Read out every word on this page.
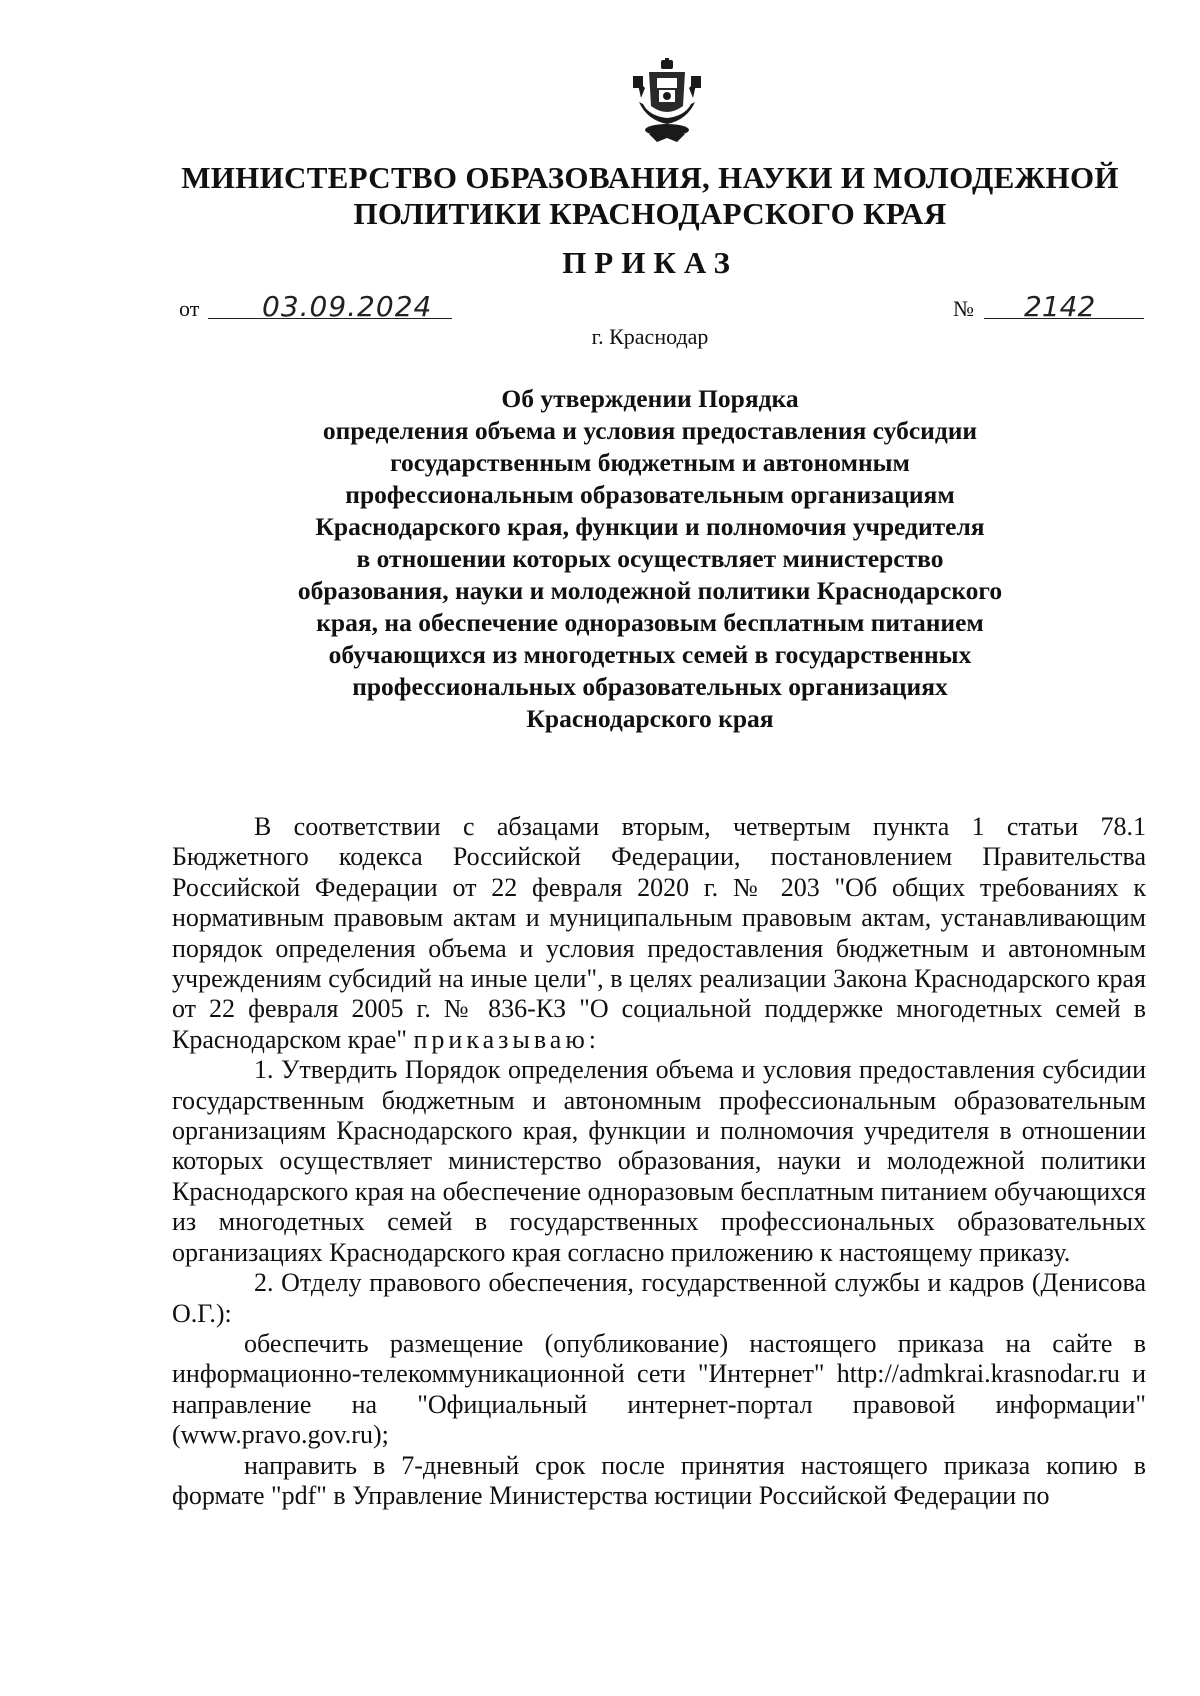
МИНИСТЕРСТВО ОБРАЗОВАНИЯ, НАУКИ И МОЛОДЕЖНОЙ
ПОЛИТИКИ КРАСНОДАРСКОГО КРАЯ
ПРИКАЗ
от 03.09.2024	№ 2142
г. Краснодар
Об утверждении Порядка
определения объема и условия предоставления субсидии
государственным бюджетным и автономным
профессиональным образовательным организациям
Краснодарского края, функции и полномочия учредителя
в отношении которых осуществляет министерство
образования, науки и молодежной политики Краснодарского
края, на обеспечение одноразовым бесплатным питанием
обучающихся из многодетных семей в государственных
профессиональных образовательных организациях
Краснодарского края
В соответствии с абзацами вторым, четвертым пункта 1 статьи 78.1 Бюджетного кодекса Российской Федерации, постановлением Правительства Российской Федерации от 22 февраля 2020 г. № 203 "Об общих требованиях к нормативным правовым актам и муниципальным правовым актам, устанавливающим порядок определения объема и условия предоставления бюджетным и автономным учреждениям субсидий на иные цели", в целях реализации Закона Краснодарского края от 22 февраля 2005 г. № 836-КЗ "О социальной поддержке многодетных семей в Краснодарском крае" приказываю:
1. Утвердить Порядок определения объема и условия предоставления субсидии государственным бюджетным и автономным профессиональным образовательным организациям Краснодарского края, функции и полномочия учредителя в отношении которых осуществляет министерство образования, науки и молодежной политики Краснодарского края на обеспечение одноразовым бесплатным питанием обучающихся из многодетных семей в государственных профессиональных образовательных организациях Краснодарского края согласно приложению к настоящему приказу.
2. Отделу правового обеспечения, государственной службы и кадров (Денисова О.Г.):
обеспечить размещение (опубликование) настоящего приказа на сайте в информационно-телекоммуникационной сети "Интернет" http://admkrai.krasnodar.ru и направление на "Официальный интернет-портал правовой информации" (www.pravo.gov.ru);
направить в 7-дневный срок после принятия настоящего приказа копию в формате "pdf" в Управление Министерства юстиции Российской Федерации по
